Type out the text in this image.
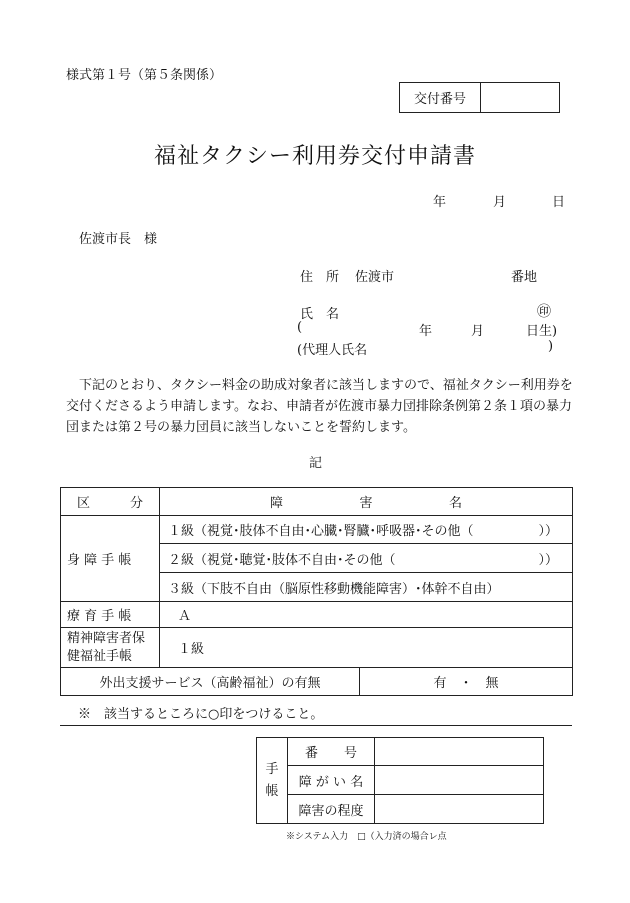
様式第１号（第５条関係）
交付番号	
福祉タクシー利用券交付申請書
年	月	日
佐渡市長　様
住　所 佐渡市	番地
氏　名	㊞
(	年	月	日生)
(代理人氏名	)
下記のとおり、タクシー料金の助成対象者に該当しますので、福祉タクシー利用券を交付くださるよう申請します。なお、申請者が佐渡市暴力団排除条例第２条１項の暴力団または第２号の暴力団員に該当しないことを誓約します。
記
区 分	障 害 名	

身 障 手 帳	１級（視覚･肢体不自由･心臓･腎臓･呼吸器･その他（ ））	

	２級（視覚･聴覚･肢体不自由･その他（ ））	

	３級（下肢不自由（脳原性移動機能障害）･体幹不自由）	
療 育 手 帳	Ａ	

精神障害者保
健福祉手帳	１級	
外出支援サービス（高齢福祉）の有無		有　・　無
※　該当するところに○印をつけること。
手
帳	番　　号	
	障 が い 名	
	障害の程度	
※システム入力　□（入力済の場合レ点
